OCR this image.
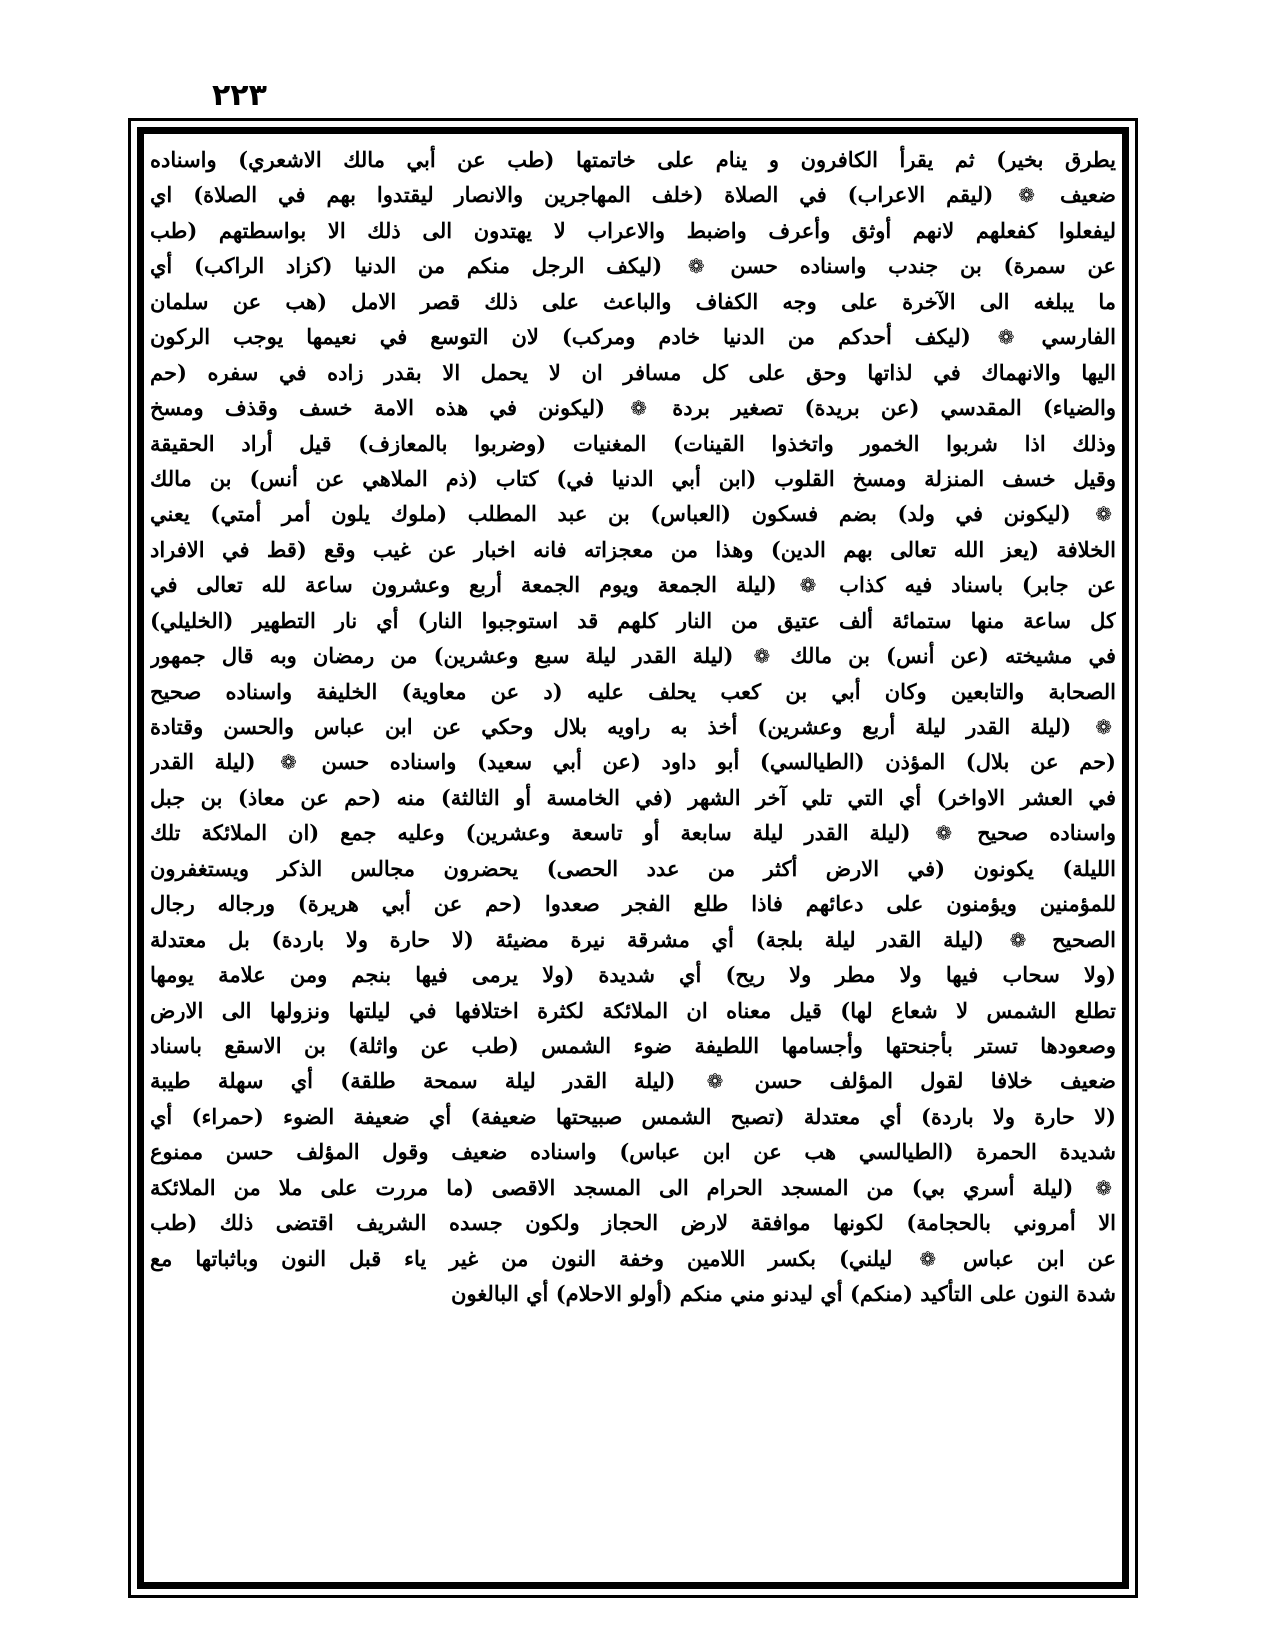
٢٢٣
يطرق بخير) ثم يقرأ الكافرون و ينام على خاتمتها (طب عن أبي مالك الاشعري) واسناده
ضعيف ❁ (ليقم الاعراب) في الصلاة (خلف المهاجرين والانصار ليقتدوا بهم في الصلاة) اي
ليفعلوا كفعلهم لانهم أوثق وأعرف واضبط والاعراب لا يهتدون الى ذلك الا بواسطتهم (طب
عن سمرة) بن جندب واسناده حسن ❁ (ليكف الرجل منكم من الدنيا (كزاد الراكب) أي
ما يبلغه الى الآخرة على وجه الكفاف والباعث على ذلك قصر الامل (هب عن سلمان
الفارسي ❁ (ليكف أحدكم من الدنيا خادم ومركب) لان التوسع في نعيمها يوجب الركون
اليها والانهماك في لذاتها وحق على كل مسافر ان لا يحمل الا بقدر زاده في سفره (حم
والضياء) المقدسي (عن بريدة) تصغير بردة ❁ (ليكونن في هذه الامة خسف وقذف ومسخ
وذلك اذا شربوا الخمور واتخذوا القينات) المغنيات (وضربوا بالمعازف) قيل أراد الحقيقة
وقيل خسف المنزلة ومسخ القلوب (ابن أبي الدنيا في) كتاب (ذم الملاهي عن أنس) بن مالك
❁ (ليكونن في ولد) بضم فسكون (العباس) بن عبد المطلب (ملوك يلون أمر أمتي) يعني
الخلافة (يعز الله تعالى بهم الدين) وهذا من معجزاته فانه اخبار عن غيب وقع (قط في الافراد
عن جابر) باسناد فيه كذاب ❁ (ليلة الجمعة ويوم الجمعة أربع وعشرون ساعة لله تعالى في
كل ساعة منها ستمائة ألف عتيق من النار كلهم قد استوجبوا النار) أي نار التطهير (الخليلي)
في مشيخته (عن أنس) بن مالك ❁ (ليلة القدر ليلة سبع وعشرين) من رمضان وبه قال جمهور
الصحابة والتابعين وكان أبي بن كعب يحلف عليه (د عن معاوية) الخليفة واسناده صحيح
❁ (ليلة القدر ليلة أربع وعشرين) أخذ به راويه بلال وحكي عن ابن عباس والحسن وقتادة
(حم عن بلال) المؤذن (الطيالسي) أبو داود (عن أبي سعيد) واسناده حسن ❁ (ليلة القدر
في العشر الاواخر) أي التي تلي آخر الشهر (في الخامسة أو الثالثة) منه (حم عن معاذ) بن جبل
واسناده صحيح ❁ (ليلة القدر ليلة سابعة أو تاسعة وعشرين) وعليه جمع (ان الملائكة تلك
الليلة) يكونون (في الارض أكثر من عدد الحصى) يحضرون مجالس الذكر ويستغفرون
للمؤمنين ويؤمنون على دعائهم فاذا طلع الفجر صعدوا (حم عن أبي هريرة) ورجاله رجال
الصحيح ❁ (ليلة القدر ليلة بلجة) أي مشرقة نيرة مضيئة (لا حارة ولا باردة) بل معتدلة
(ولا سحاب فيها ولا مطر ولا ريح) أي شديدة (ولا يرمى فيها بنجم ومن علامة يومها
تطلع الشمس لا شعاع لها) قيل معناه ان الملائكة لكثرة اختلافها في ليلتها ونزولها الى الارض
وصعودها تستر بأجنحتها وأجسامها اللطيفة ضوء الشمس (طب عن واثلة) بن الاسقع باسناد
ضعيف خلافا لقول المؤلف حسن ❁ (ليلة القدر ليلة سمحة طلقة) أي سهلة طيبة
(لا حارة ولا باردة) أي معتدلة (تصبح الشمس صبيحتها ضعيفة) أي ضعيفة الضوء (حمراء) أي
شديدة الحمرة (الطيالسي هب عن ابن عباس) واسناده ضعيف وقول المؤلف حسن ممنوع
❁ (ليلة أسري بي) من المسجد الحرام الى المسجد الاقصى (ما مررت على ملا من الملائكة
الا أمروني بالحجامة) لكونها موافقة لارض الحجاز ولكون جسده الشريف اقتضى ذلك (طب
عن ابن عباس ❁ ليلني) بكسر اللامين وخفة النون من غير ياء قبل النون وباثباتها مع
شدة النون على التأكيد (منكم) أي ليدنو مني منكم (أولو الاحلام) أي البالغون
